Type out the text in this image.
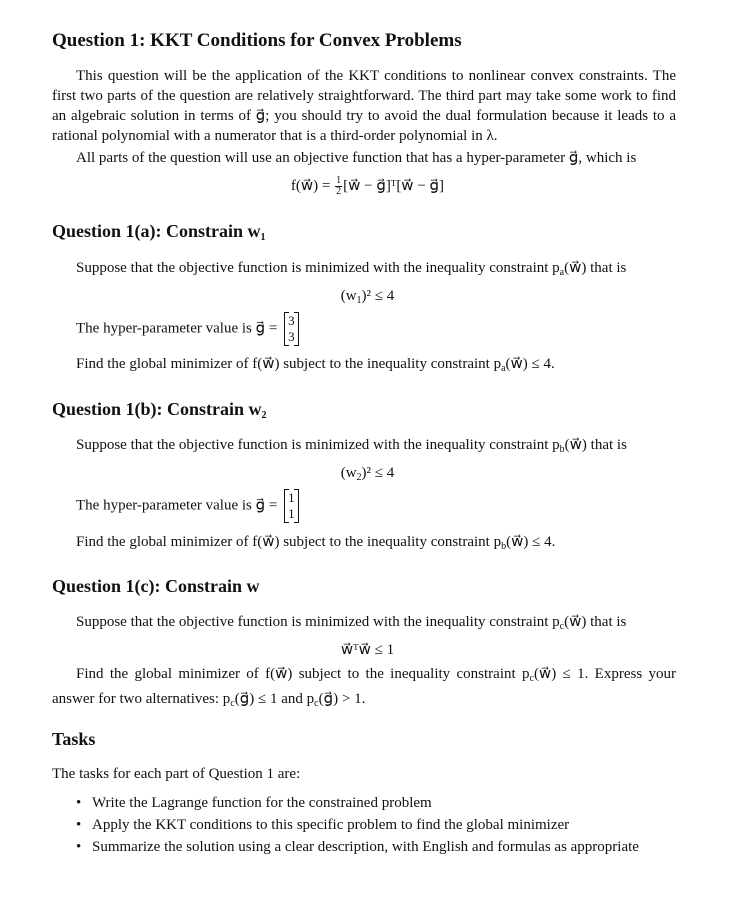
Question 1: KKT Conditions for Convex Problems

This question will be the application of the KKT conditions to nonlinear convex constraints. The first two parts of the question are relatively straightforward. The third part may take some work to find an algebraic solution in terms of g⃗; you should try to avoid the dual formulation because it leads to a rational polynomial with a numerator that is a third-order polynomial in λ.

All parts of the question will use an objective function that has a hyper-parameter g⃗, which is

f(w⃗) = $\frac{1}{2}$ [w⃗ − g⃗]ᵀ[w⃗ − g⃗]
Question 1(a): Constrain $w_1$
Suppose that the objective function is minimized with the inequality constraint $p_a(w⃗)$ that is
$(w_1)^2 \le 4$
The hyper-parameter value is g⃗ = 3
3
Find the global minimizer of f(w⃗) subject to the inequality constraint $p_a(w⃗) \le 4$.
Question 1(b): Constrain $w_2$
Suppose that the objective function is minimized with the inequality constraint $p_b(w⃗)$ that is
$(w_2)^2 \le 4$
The hyper-parameter value is g⃗ = 1
1
Find the global minimizer of f(w⃗) subject to the inequality constraint $p_b(w⃗) \le 4$.
Question 1(c): Constrain w⃗
Suppose that the objective function is minimized with the inequality constraint $p_c(w⃗)$ that is
w⃗ᵀw⃗ ≤ 1

Find the global minimizer of f(w⃗) subject to the inequality constraint $p_c(w⃗) \le 1$. Express your answer for two alternatives: $p_c(g⃗) \le 1$ and $p_c(g⃗) > 1$.

Tasks
The tasks for each part of Question 1 are:
• Write the Lagrange function for the constrained problem
• Apply the KKT conditions to this specific problem to find the global minimizer
• Summarize the solution using a clear description, with English and formulas as appropriate
